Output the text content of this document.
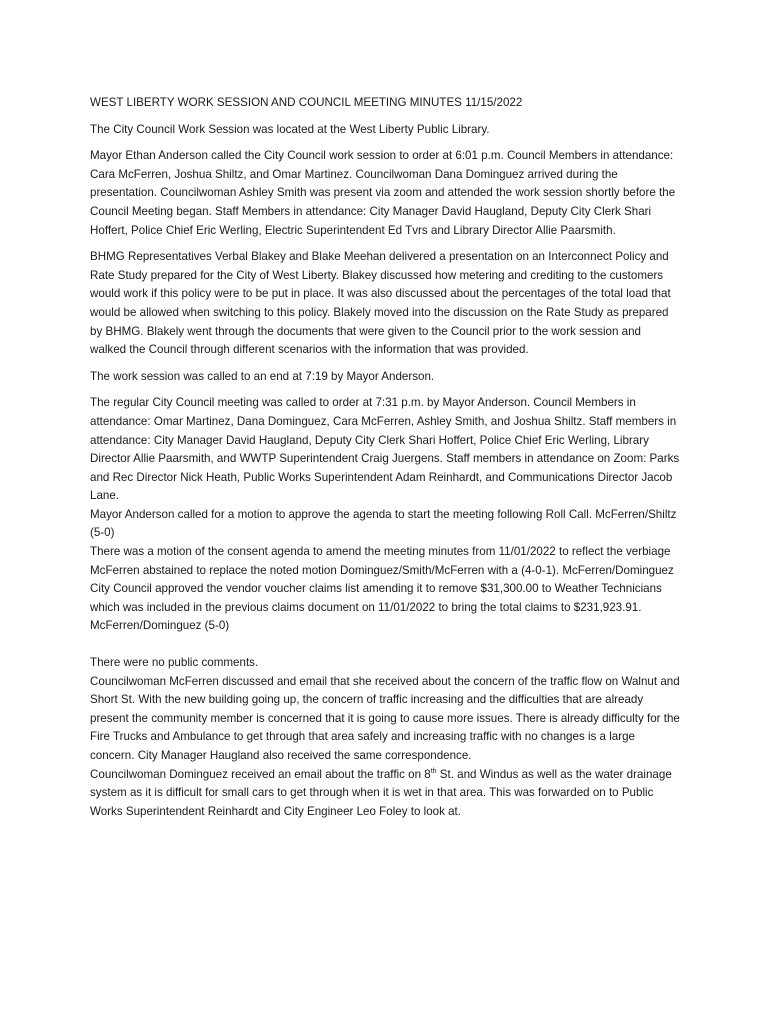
WEST LIBERTY WORK SESSION AND COUNCIL MEETING MINUTES 11/15/2022

The City Council Work Session was located at the West Liberty Public Library.

Mayor Ethan Anderson called the City Council work session to order at 6:01 p.m. Council Members in attendance: Cara McFerren, Joshua Shiltz, and Omar Martinez. Councilwoman Dana Dominguez arrived during the presentation. Councilwoman Ashley Smith was present via zoom and attended the work session shortly before the Council Meeting began. Staff Members in attendance: City Manager David Haugland, Deputy City Clerk Shari Hoffert, Police Chief Eric Werling, Electric Superintendent Ed Tvrs and Library Director Allie Paarsmith.

BHMG Representatives Verbal Blakey and Blake Meehan delivered a presentation on an Interconnect Policy and Rate Study prepared for the City of West Liberty. Blakey discussed how metering and crediting to the customers would work if this policy were to be put in place. It was also discussed about the percentages of the total load that would be allowed when switching to this policy. Blakely moved into the discussion on the Rate Study as prepared by BHMG. Blakely went through the documents that were given to the Council prior to the work session and walked the Council through different scenarios with the information that was provided.

The work session was called to an end at 7:19 by Mayor Anderson.

The regular City Council meeting was called to order at 7:31 p.m. by Mayor Anderson. Council Members in attendance: Omar Martinez, Dana Dominguez, Cara McFerren, Ashley Smith, and Joshua Shiltz. Staff members in attendance: City Manager David Haugland, Deputy City Clerk Shari Hoffert, Police Chief Eric Werling, Library Director Allie Paarsmith, and WWTP Superintendent Craig Juergens. Staff members in attendance on Zoom: Parks and Rec Director Nick Heath, Public Works Superintendent Adam Reinhardt, and Communications Director Jacob Lane.

Mayor Anderson called for a motion to approve the agenda to start the meeting following Roll Call. McFerren/Shiltz (5-0)

There was a motion of the consent agenda to amend the meeting minutes from 11/01/2022 to reflect the verbiage McFerren abstained to replace the noted motion Dominguez/Smith/McFerren with a (4-0-1). McFerren/Dominguez

City Council approved the vendor voucher claims list amending it to remove $31,300.00 to Weather Technicians which was included in the previous claims document on 11/01/2022 to bring the total claims to $231,923.91. McFerren/Dominguez (5-0)

There were no public comments.

Councilwoman McFerren discussed and email that she received about the concern of the traffic flow on Walnut and Short St. With the new building going up, the concern of traffic increasing and the difficulties that are already present the community member is concerned that it is going to cause more issues. There is already difficulty for the Fire Trucks and Ambulance to get through that area safely and increasing traffic with no changes is a large concern. City Manager Haugland also received the same correspondence.

Councilwoman Dominguez received an email about the traffic on 8th St. and Windus as well as the water drainage system as it is difficult for small cars to get through when it is wet in that area. This was forwarded on to Public Works Superintendent Reinhardt and City Engineer Leo Foley to look at.
